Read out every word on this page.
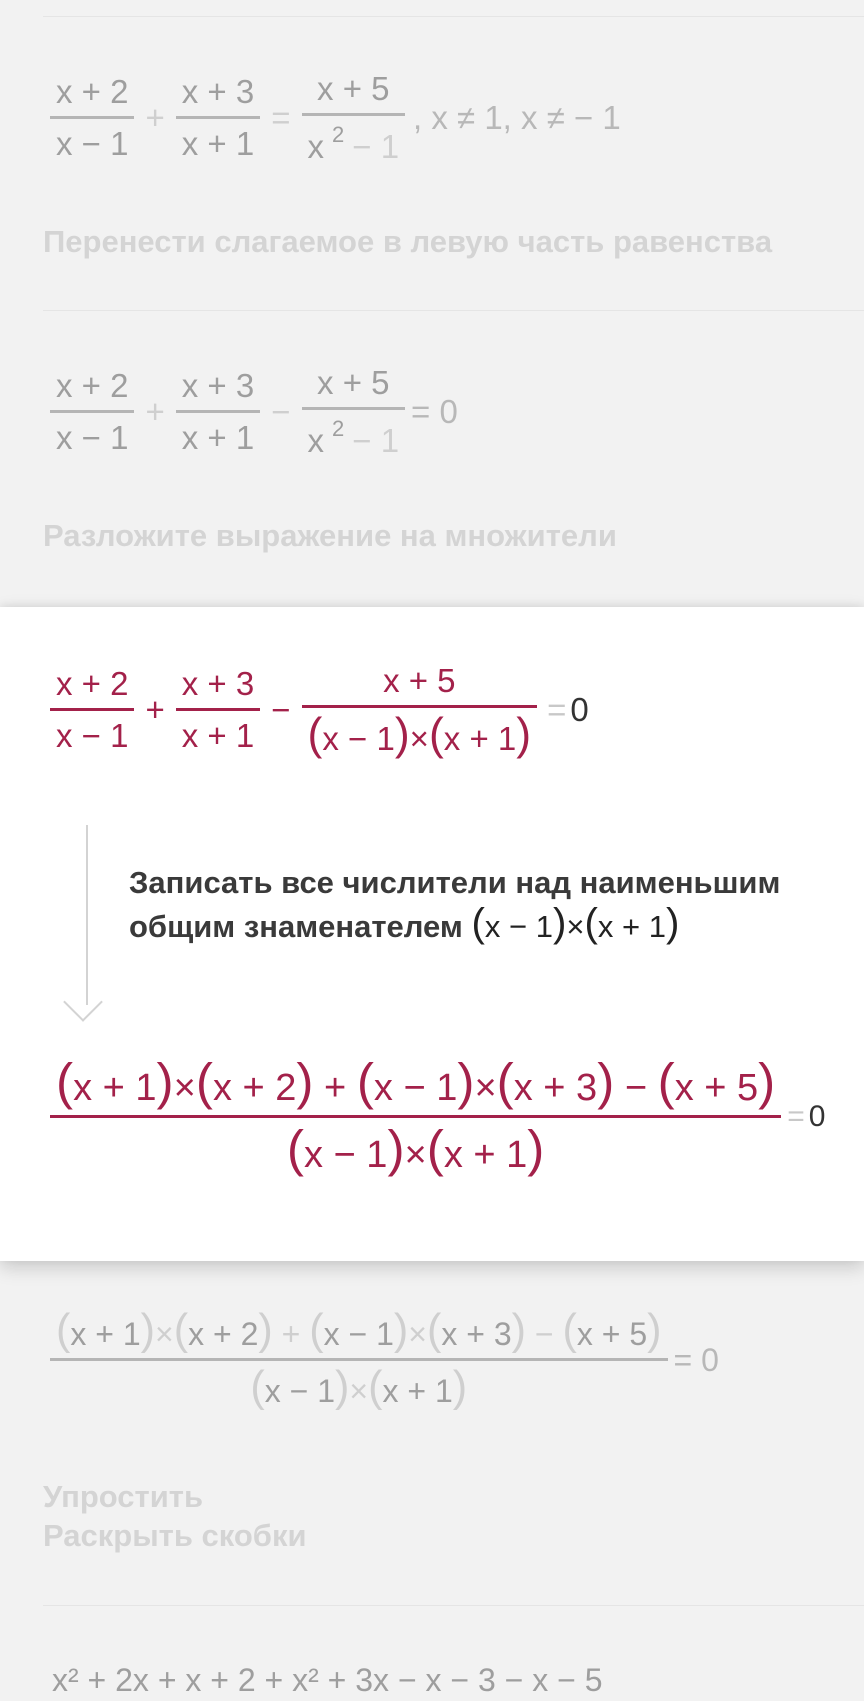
$\frac{x + 2}{x - 1} + \frac{x + 3}{x + 1} = \frac{x + 5}{x ^2 - 1}$ , x ≠ 1, x ≠ − 1
Перенести слагаемое в левую часть равенства
$\frac{x + 2}{x - 1} + \frac{x + 3}{x + 1} - \frac{x + 5}{x ^2 - 1} = 0$
Разложите выражение на множители
$\frac{x + 2}{x - 1} + \frac{x + 3}{x + 1} - \frac{x + 5}{(x - 1)\times(x + 1)} = 0$
Записать все числители над наименьшим
общим знаменателем (x − 1)×(x + 1)
(x + 1)×(x + 2) + (x − 1)×(x + 3) − (x + 5)
(x − 1)×(x + 1)
= 0
(x + 1)×(x + 2) + (x − 1)×(x + 3) − (x + 5)
(x − 1)×(x + 1)
= 0
Упростить
Раскрыть скобки
x² + 2x + x + 2 + x² + 3x − x − 3 − x − 5
